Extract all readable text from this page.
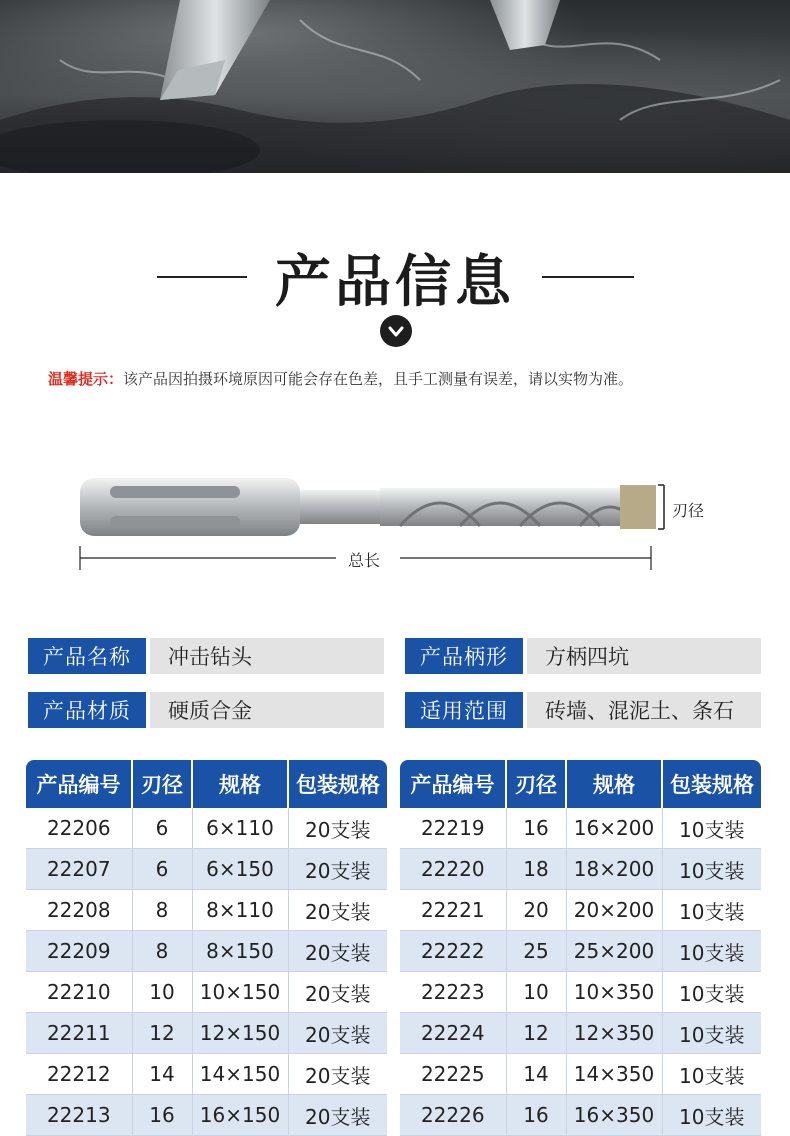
产品信息
温馨提示：该产品因拍摄环境原因可能会存在色差，且手工测量有误差，请以实物为准。
刃径
总长
产品名称	冲击钻头	产品柄形	方柄四坑
产品材质	硬质合金	适用范围	砖墙、混泥土、条石
产品编号	刃径	规格	包装规格
22206	6	6×110	20支装
22207	6	6×150	20支装
22208	8	8×110	20支装
22209	8	8×150	20支装
22210	10	10×150	20支装
22211	12	12×150	20支装
22212	14	14×150	20支装
22213	16	16×150	20支装
产品编号	刃径	规格	包装规格
22219	16	16×200	10支装
22220	18	18×200	10支装
22221	20	20×200	10支装
22222	25	25×200	10支装
22223	10	10×350	10支装
22224	12	12×350	10支装
22225	14	14×350	10支装
22226	16	16×350	10支装
